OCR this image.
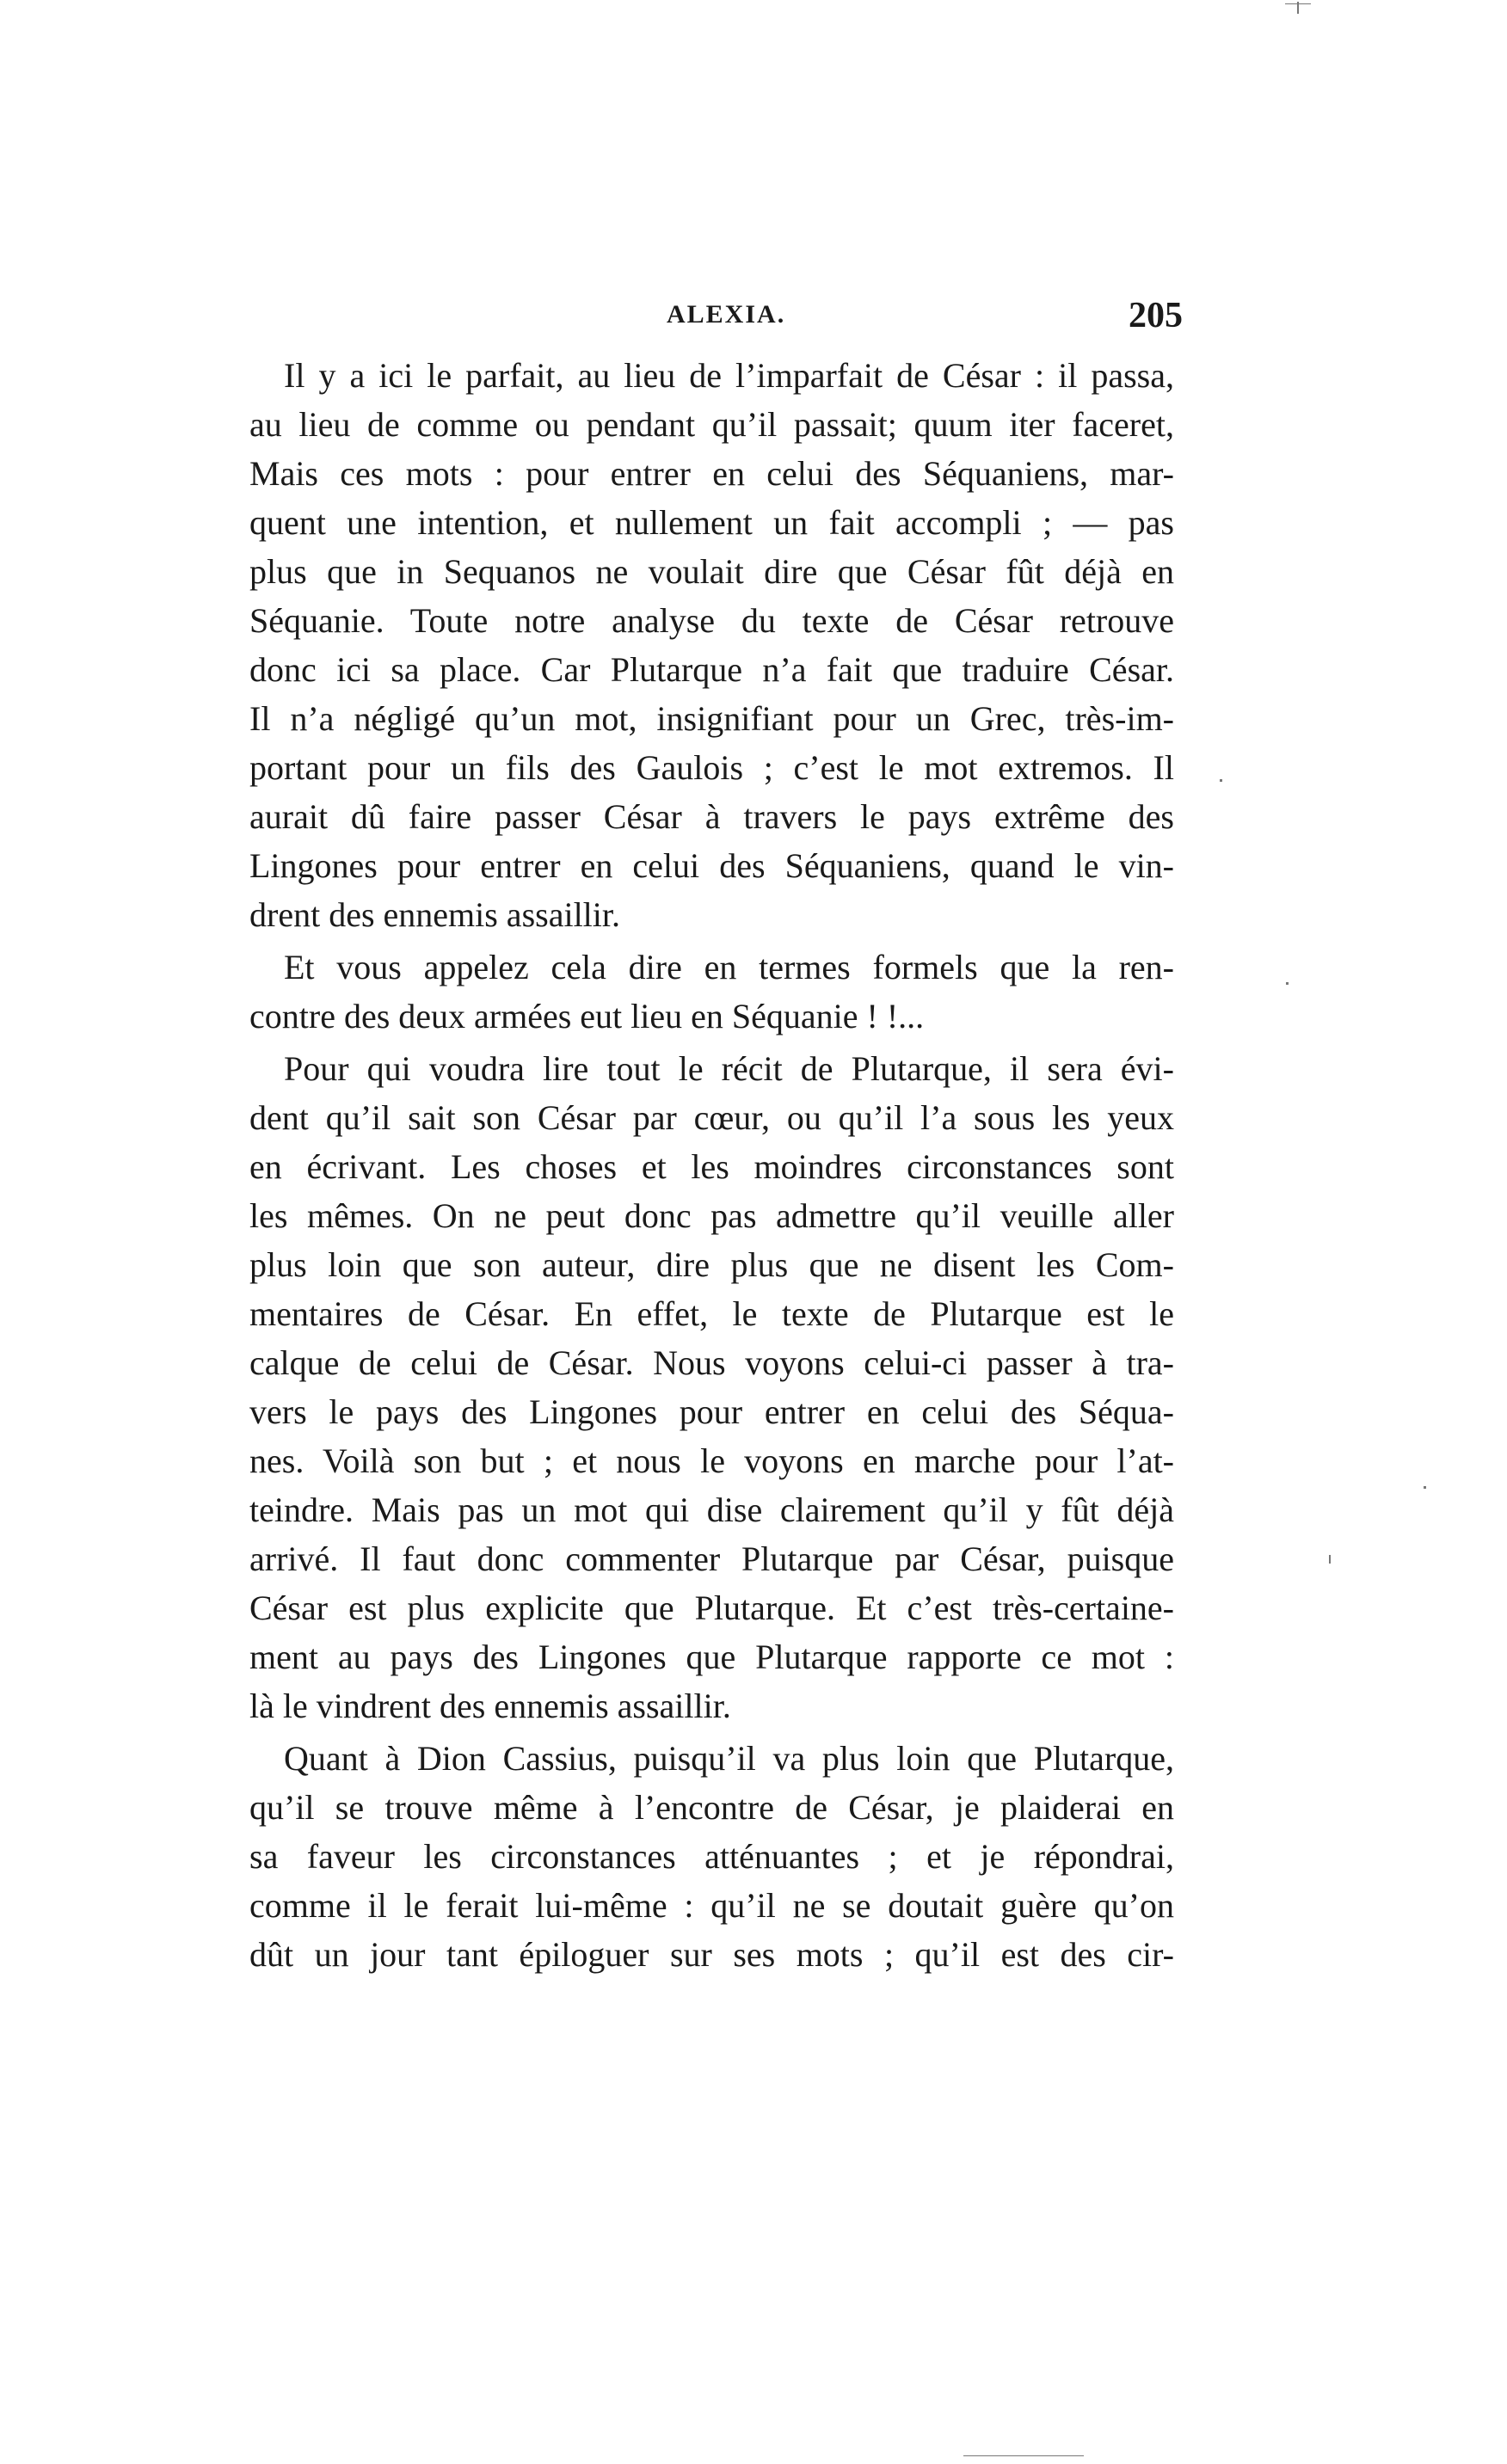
ALEXIA.	205
Il y a ici le parfait, au lieu de l’imparfait de César : il passa,
au lieu de comme ou pendant qu’il passait; quum iter faceret,
Mais ces mots : pour entrer en celui des Séquaniens, mar-
quent une intention, et nullement un fait accompli ; — pas
plus que in Sequanos ne voulait dire que César fût déjà en
Séquanie. Toute notre analyse du texte de César retrouve
donc ici sa place. Car Plutarque n’a fait que traduire César.
Il n’a négligé qu’un mot, insignifiant pour un Grec, très-im-
portant pour un fils des Gaulois ; c’est le mot extremos. Il
aurait dû faire passer César à travers le pays extrême des
Lingones pour entrer en celui des Séquaniens, quand le vin-
drent des ennemis assaillir.
Et vous appelez cela dire en termes formels que la ren-
contre des deux armées eut lieu en Séquanie ! !...
Pour qui voudra lire tout le récit de Plutarque, il sera évi-
dent qu’il sait son César par cœur, ou qu’il l’a sous les yeux
en écrivant. Les choses et les moindres circonstances sont
les mêmes. On ne peut donc pas admettre qu’il veuille aller
plus loin que son auteur, dire plus que ne disent les Com-
mentaires de César. En effet, le texte de Plutarque est le
calque de celui de César. Nous voyons celui-ci passer à tra-
vers le pays des Lingones pour entrer en celui des Séqua-
nes. Voilà son but ; et nous le voyons en marche pour l’at-
teindre. Mais pas un mot qui dise clairement qu’il y fût déjà
arrivé. Il faut donc commenter Plutarque par César, puisque
César est plus explicite que Plutarque. Et c’est très-certaine-
ment au pays des Lingones que Plutarque rapporte ce mot :
là le vindrent des ennemis assaillir.
Quant à Dion Cassius, puisqu’il va plus loin que Plutarque,
qu’il se trouve même à l’encontre de César, je plaiderai en
sa faveur les circonstances atténuantes ; et je répondrai,
comme il le ferait lui-même : qu’il ne se doutait guère qu’on
dût un jour tant épiloguer sur ses mots ; qu’il est des cir-
